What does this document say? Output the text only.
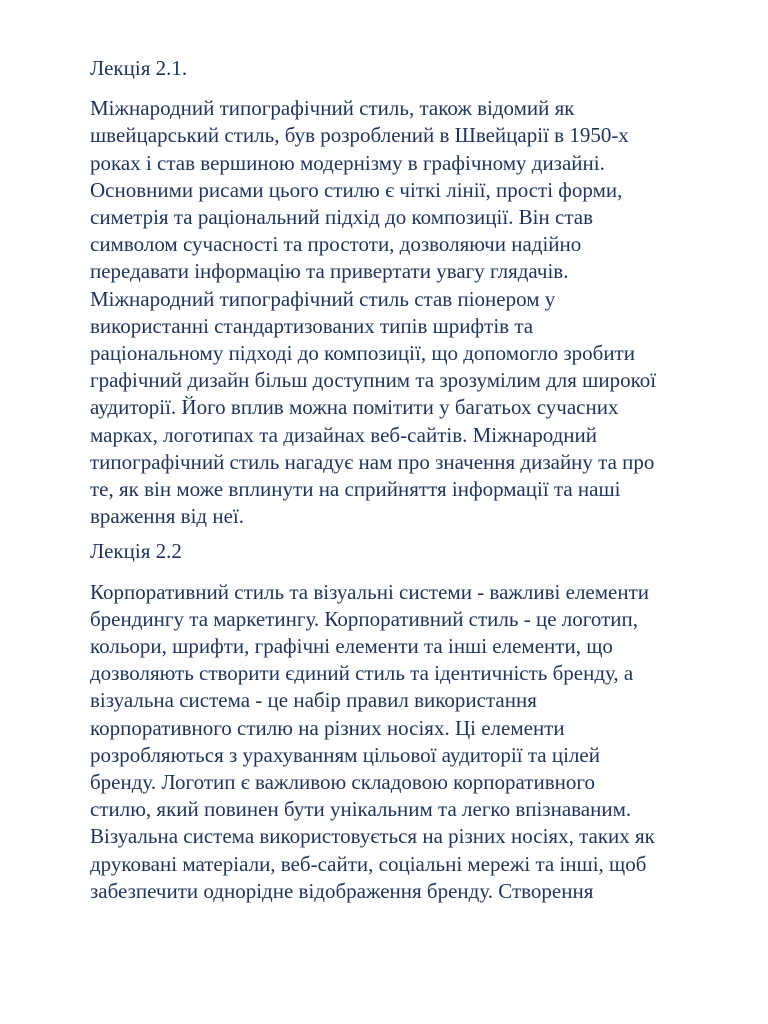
Лекція 2.1.
Міжнародний типографічний стиль, також відомий як
швейцарський стиль, був розроблений в Швейцарії в 1950-х
роках і став вершиною модернізму в графічному дизайні.
Основними рисами цього стилю є чіткі лінії, прості форми,
симетрія та раціональний підхід до композиції. Він став
символом сучасності та простоти, дозволяючи надійно
передавати інформацію та привертати увагу глядачів.
Міжнародний типографічний стиль став піонером у
використанні стандартизованих типів шрифтів та
раціональному підході до композиції, що допомогло зробити
графічний дизайн більш доступним та зрозумілим для широкої
аудиторії. Його вплив можна помітити у багатьох сучасних
марках, логотипах та дизайнах веб-сайтів. Міжнародний
типографічний стиль нагадує нам про значення дизайну та про
те, як він може вплинути на сприйняття інформації та наші
враження від неї.
Лекція 2.2
Корпоративний стиль та візуальні системи - важливі елементи
брендингу та маркетингу. Корпоративний стиль - це логотип,
кольори, шрифти, графічні елементи та інші елементи, що
дозволяють створити єдиний стиль та ідентичність бренду, а
візуальна система - це набір правил використання
корпоративного стилю на різних носіях. Ці елементи
розробляються з урахуванням цільової аудиторії та цілей
бренду. Логотип є важливою складовою корпоративного
стилю, який повинен бути унікальним та легко впізнаваним.
Візуальна система використовується на різних носіях, таких як
друковані матеріали, веб-сайти, соціальні мережі та інші, щоб
забезпечити однорідне відображення бренду. Створення
